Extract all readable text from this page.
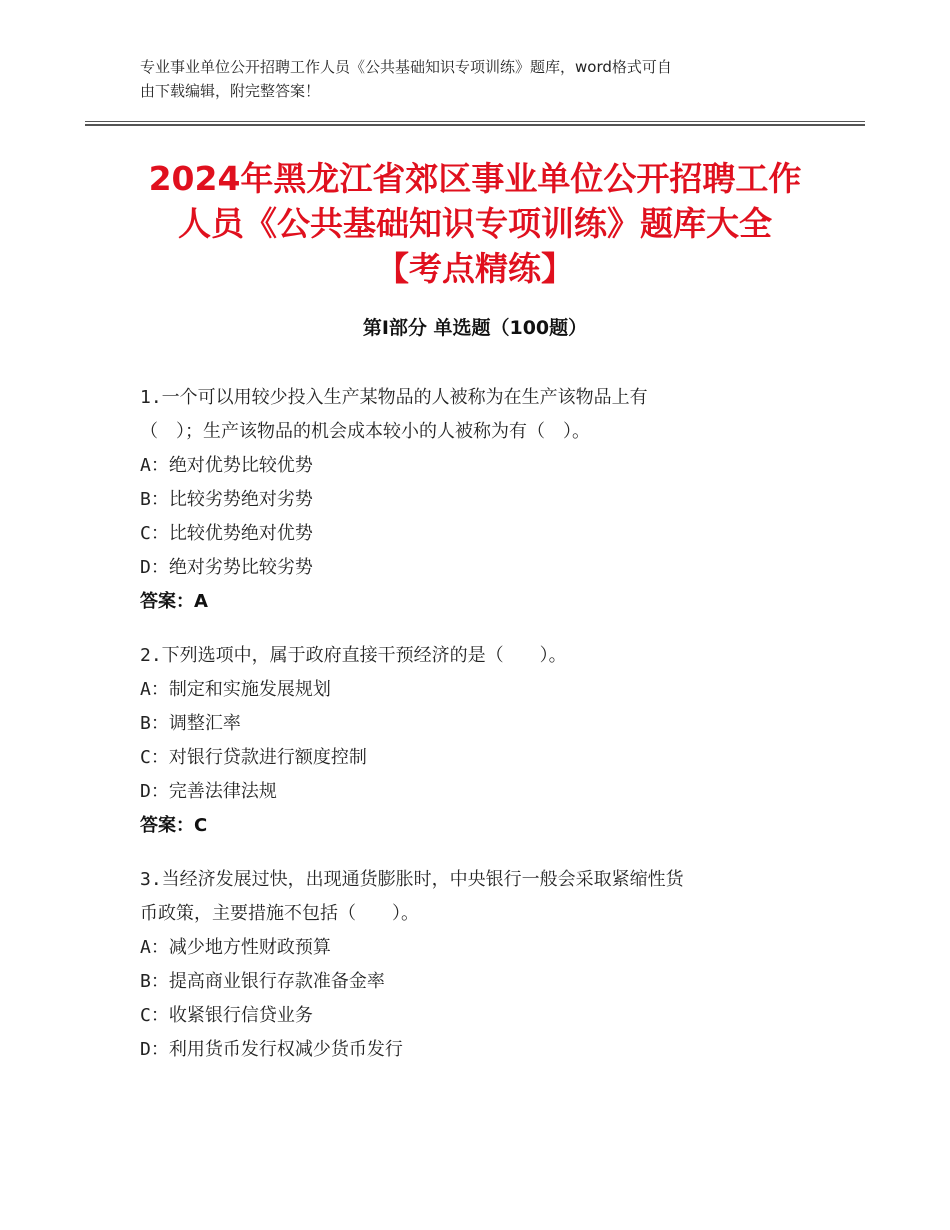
专业事业单位公开招聘工作人员《公共基础知识专项训练》题库，word格式可自
由下载编辑，附完整答案！
2024年黑龙江省郊区事业单位公开招聘工作
人员《公共基础知识专项训练》题库大全
【考点精练】
第Ⅰ部分 单选题（100题）
1.一个可以用较少投入生产某物品的人被称为在生产该物品上有
（　）；生产该物品的机会成本较小的人被称为有（　）。
A：绝对优势比较优势
B：比较劣势绝对劣势
C：比较优势绝对优势
D：绝对劣势比较劣势
答案：A
2.下列选项中，属于政府直接干预经济的是（　　）。
A：制定和实施发展规划
B：调整汇率
C：对银行贷款进行额度控制
D：完善法律法规
答案：C
3.当经济发展过快，出现通货膨胀时，中央银行一般会采取紧缩性货
币政策，主要措施不包括（　　）。
A：减少地方性财政预算
B：提高商业银行存款准备金率
C：收紧银行信贷业务
D：利用货币发行权减少货币发行
